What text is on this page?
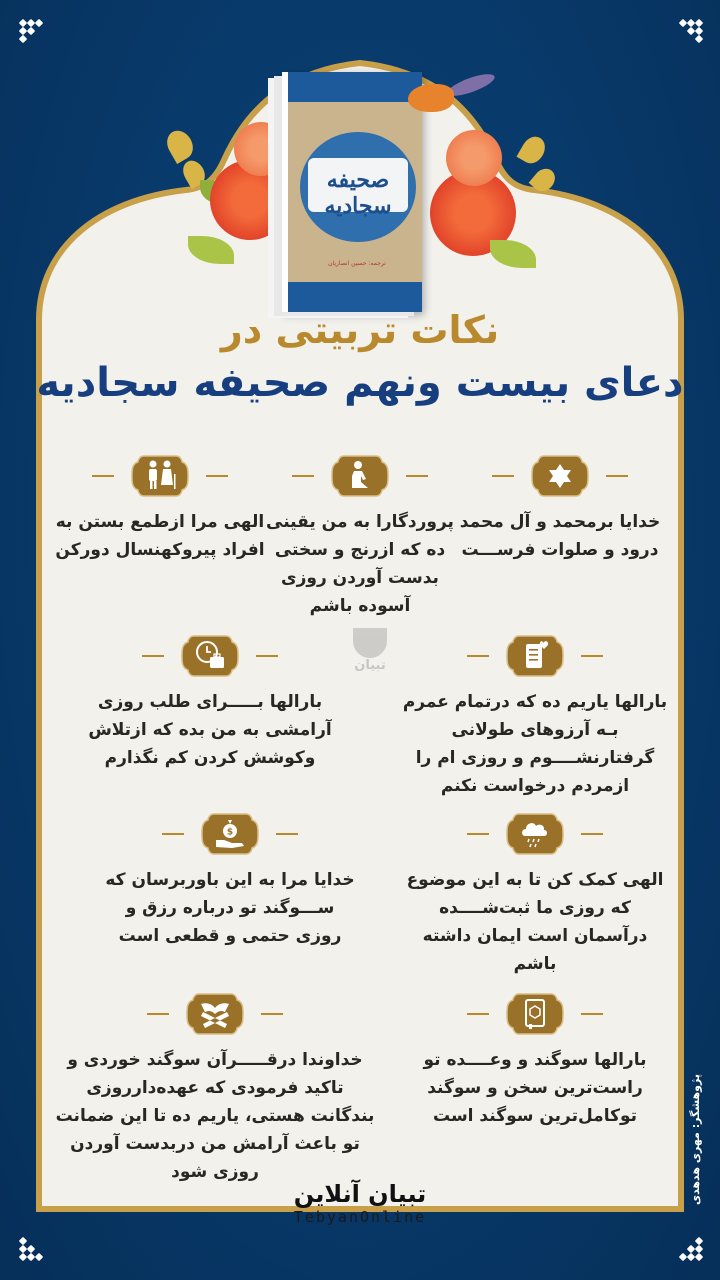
صحیفه سجادیه
ترجمه: حسین انصاریان
نکات تربیتی در
دعای بیست ونهم صحیفه سجادیه

خدایا برمحمد و آل محمد درود و صلوات فرســـت

پروردگارا به من یقینی ده که ازرنج و سختی بدست آوردن روزی آسوده باشم

الهی مرا ازطمع بستن به افراد پیروکهنسال دورکن

بارالها یاریم ده که درتمام عمرم بـه آرزوهای طولانی گرفتارنشــــوم و روزی ام را ازمردم درخواست نکنم

بارالها بـــــرای طلب روزی آرامشی به من بده که ازتلاش وکوشش کردن کم نگذارم

الهی کمک کن تا به این موضوع که روزی ما ثبت‌شــــده درآسمان است ایمان داشته باشم

$

خدایا مرا به این باوربرسان که ســـوگند تو درباره رزق و روزی حتمی و قطعی است

بارالها سوگند و وعــــده تو راست‌ترین سخن و سوگند توکامل‌ترین سوگند است

خداوندا درقـــــرآن سوگند خوردی و تاکید فرمودی که عهده‌دارروزی بندگانت هستی، یاریم ده تا این ضمانت تو باعث آرامش من دربدست آوردن روزی شود

تبیان
تبیان آنلاین
TebyanOnline
پژوهشگر: مهری هدهدی
